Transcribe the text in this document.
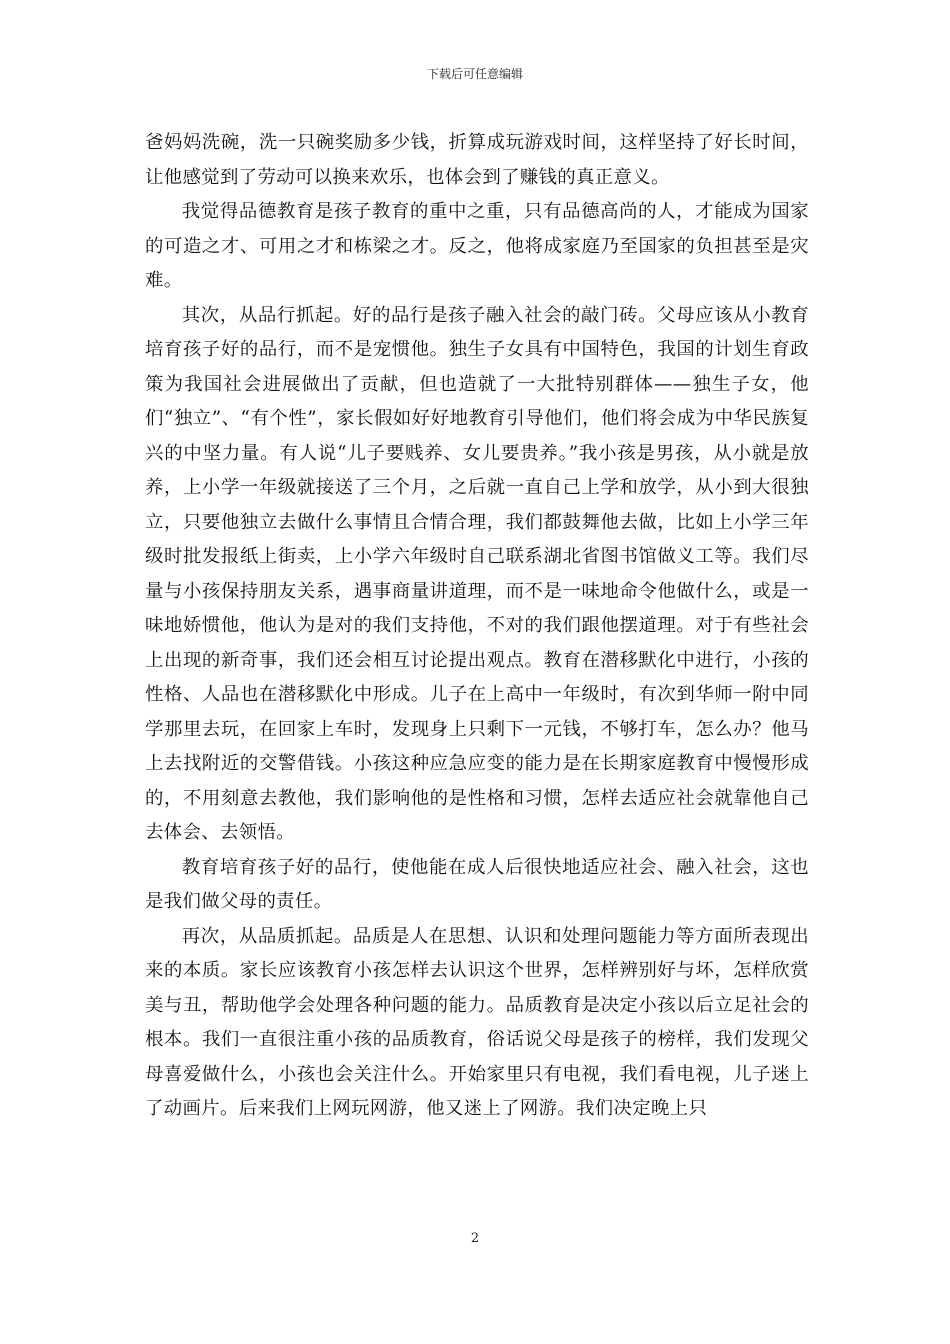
下载后可任意编辑

爸妈妈洗碗，洗一只碗奖励多少钱，折算成玩游戏时间，这样坚持了好长时间，让他感觉到了劳动可以换来欢乐，也体会到了赚钱的真正意义。

我觉得品德教育是孩子教育的重中之重，只有品德高尚的人，才能成为国家的可造之才、可用之才和栋梁之才。反之，他将成家庭乃至国家的负担甚至是灾难。

其次，从品行抓起。好的品行是孩子融入社会的敲门砖。父母应该从小教育培育孩子好的品行，而不是宠惯他。独生子女具有中国特色，我国的计划生育政策为我国社会进展做出了贡献，但也造就了一大批特别群体——独生子女，他们“独立”、“有个性”，家长假如好好地教育引导他们，他们将会成为中华民族复兴的中坚力量。有人说“儿子要贱养、女儿要贵养。”我小孩是男孩，从小就是放养，上小学一年级就接送了三个月，之后就一直自己上学和放学，从小到大很独立，只要他独立去做什么事情且合情合理，我们都鼓舞他去做，比如上小学三年级时批发报纸上街卖，上小学六年级时自己联系湖北省图书馆做义工等。我们尽量与小孩保持朋友关系，遇事商量讲道理，而不是一味地命令他做什么，或是一味地娇惯他，他认为是对的我们支持他，不对的我们跟他摆道理。对于有些社会上出现的新奇事，我们还会相互讨论提出观点。教育在潜移默化中进行，小孩的性格、人品也在潜移默化中形成。儿子在上高中一年级时，有次到华师一附中同学那里去玩，在回家上车时，发现身上只剩下一元钱，不够打车，怎么办？他马上去找附近的交警借钱。小孩这种应急应变的能力是在长期家庭教育中慢慢形成的，不用刻意去教他，我们影响他的是性格和习惯，怎样去适应社会就靠他自己去体会、去领悟。

教育培育孩子好的品行，使他能在成人后很快地适应社会、融入社会，这也是我们做父母的责任。

再次，从品质抓起。品质是人在思想、认识和处理问题能力等方面所表现出来的本质。家长应该教育小孩怎样去认识这个世界，怎样辨别好与坏，怎样欣赏美与丑，帮助他学会处理各种问题的能力。品质教育是决定小孩以后立足社会的根本。我们一直很注重小孩的品质教育，俗话说父母是孩子的榜样，我们发现父母喜爱做什么，小孩也会关注什么。开始家里只有电视，我们看电视，儿子迷上了动画片。后来我们上网玩网游，他又迷上了网游。我们决定晚上只

2
